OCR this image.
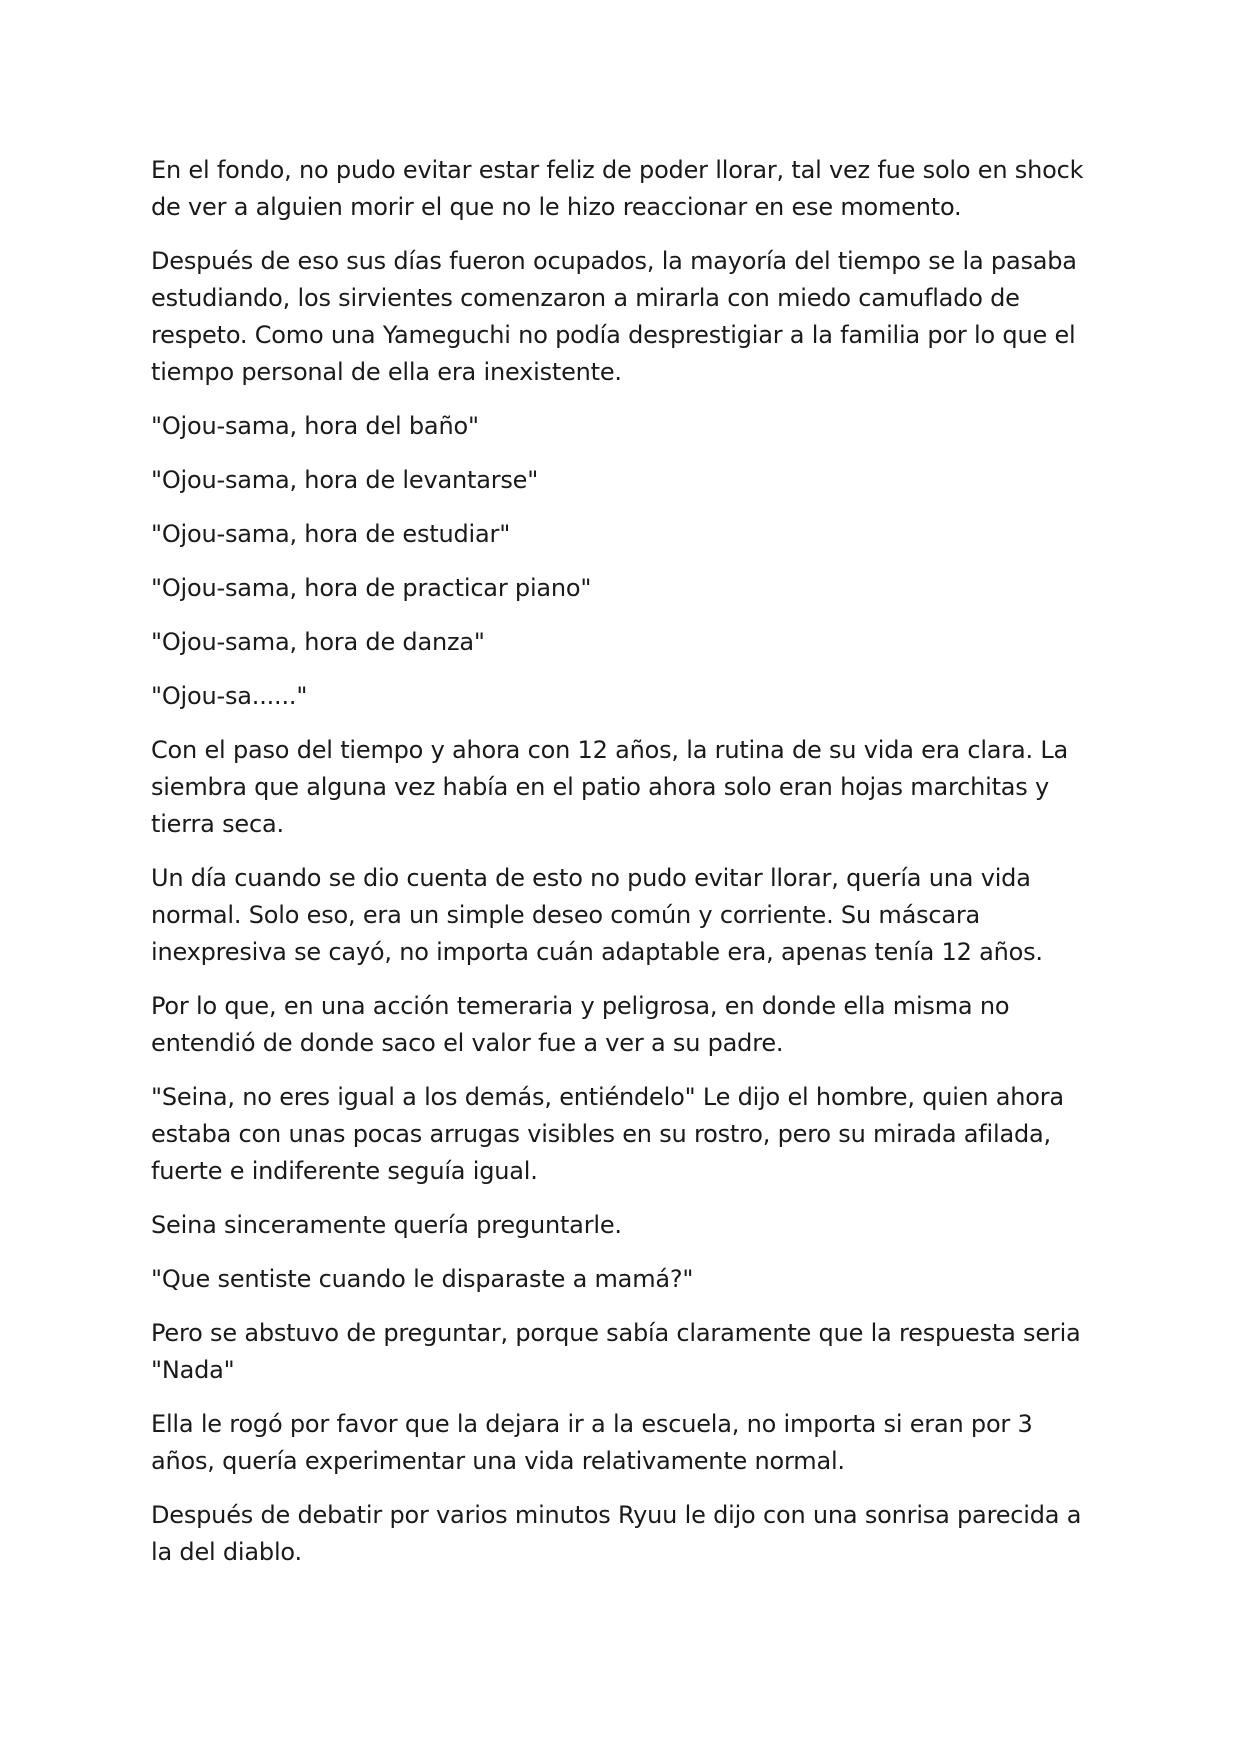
En el fondo, no pudo evitar estar feliz de poder llorar, tal vez fue solo en shock de ver a alguien morir el que no le hizo reaccionar en ese momento.

Después de eso sus días fueron ocupados, la mayoría del tiempo se la pasaba estudiando, los sirvientes comenzaron a mirarla con miedo camuflado de respeto. Como una Yameguchi no podía desprestigiar a la familia por lo que el tiempo personal de ella era inexistente.

"Ojou-sama, hora del baño"

"Ojou-sama, hora de levantarse"

"Ojou-sama, hora de estudiar"

"Ojou-sama, hora de practicar piano"

"Ojou-sama, hora de danza"

"Ojou-sa......"

Con el paso del tiempo y ahora con 12 años, la rutina de su vida era clara. La siembra que alguna vez había en el patio ahora solo eran hojas marchitas y tierra seca.

Un día cuando se dio cuenta de esto no pudo evitar llorar, quería una vida normal. Solo eso, era un simple deseo común y corriente. Su máscara inexpresiva se cayó, no importa cuán adaptable era, apenas tenía 12 años.

Por lo que, en una acción temeraria y peligrosa, en donde ella misma no entendió de donde saco el valor fue a ver a su padre.

"Seina, no eres igual a los demás, entiéndelo" Le dijo el hombre, quien ahora estaba con unas pocas arrugas visibles en su rostro, pero su mirada afilada, fuerte e indiferente seguía igual.

Seina sinceramente quería preguntarle.

"Que sentiste cuando le disparaste a mamá?"

Pero se abstuvo de preguntar, porque sabía claramente que la respuesta seria "Nada"

Ella le rogó por favor que la dejara ir a la escuela, no importa si eran por 3 años, quería experimentar una vida relativamente normal.

Después de debatir por varios minutos Ryuu le dijo con una sonrisa parecida a la del diablo.
